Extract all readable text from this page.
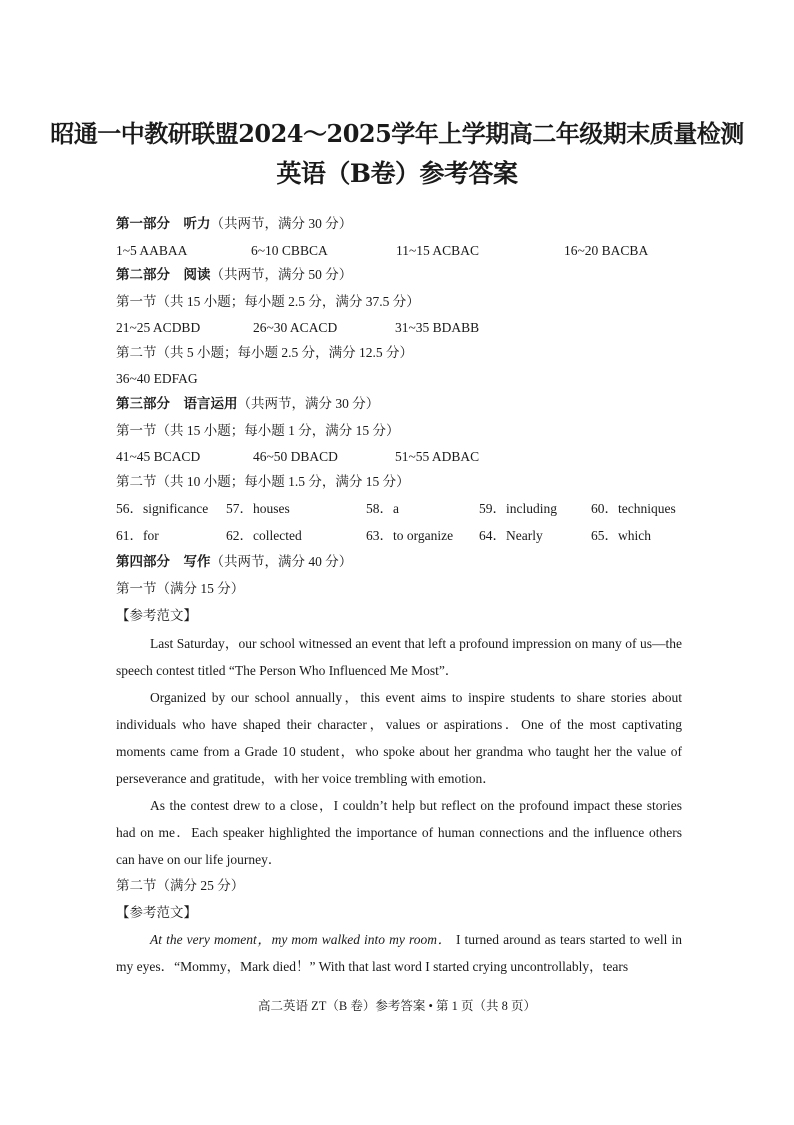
昭通一中教研联盟2024～2025学年上学期高二年级期末质量检测
英语（B卷）参考答案
第一部分　听力（共两节，满分 30 分）
1~5 AABAA	6~10 CBBCA	11~15 ACBAC	16~20 BACBA
第二部分　阅读（共两节，满分 50 分）
第一节（共 15 小题；每小题 2.5 分，满分 37.5 分）
21~25 ACDBD	26~30 ACACD	31~35 BDABB
第二节（共 5 小题；每小题 2.5 分，满分 12.5 分）
36~40 EDFAG
第三部分　语言运用（共两节，满分 30 分）
第一节（共 15 小题；每小题 1 分，满分 15 分）
41~45 BCACD	46~50 DBACD	51~55 ADBAC
第二节（共 10 小题；每小题 1.5 分，满分 15 分）
56．significance 57．houses	58．a	59．including	60．techniques
61．for	62．collected	63．to organize 64．Nearly	65．which
第四部分　写作（共两节，满分 40 分）
第一节（满分 15 分）
【参考范文】
Last Saturday，our school witnessed an event that left a profound impression on many of us—the speech contest titled “The Person Who Influenced Me Most”．
Organized by our school annually，this event aims to inspire students to share stories about individuals who have shaped their character，values or aspirations．One of the most captivating moments came from a Grade 10 student，who spoke about her grandma who taught her the value of perseverance and gratitude，with her voice trembling with emotion．
As the contest drew to a close，I couldn’t help but reflect on the profound impact these stories had on me．Each speaker highlighted the importance of human connections and the influence others can have on our life journey．
第二节（满分 25 分）
【参考范文】
At the very moment，my mom walked into my room． I turned around as tears started to well in my eyes．“Mommy，Mark died！” With that last word I started crying uncontrollably，tears
高二英语 ZT（B 卷）参考答案 • 第 1 页（共 8 页）
